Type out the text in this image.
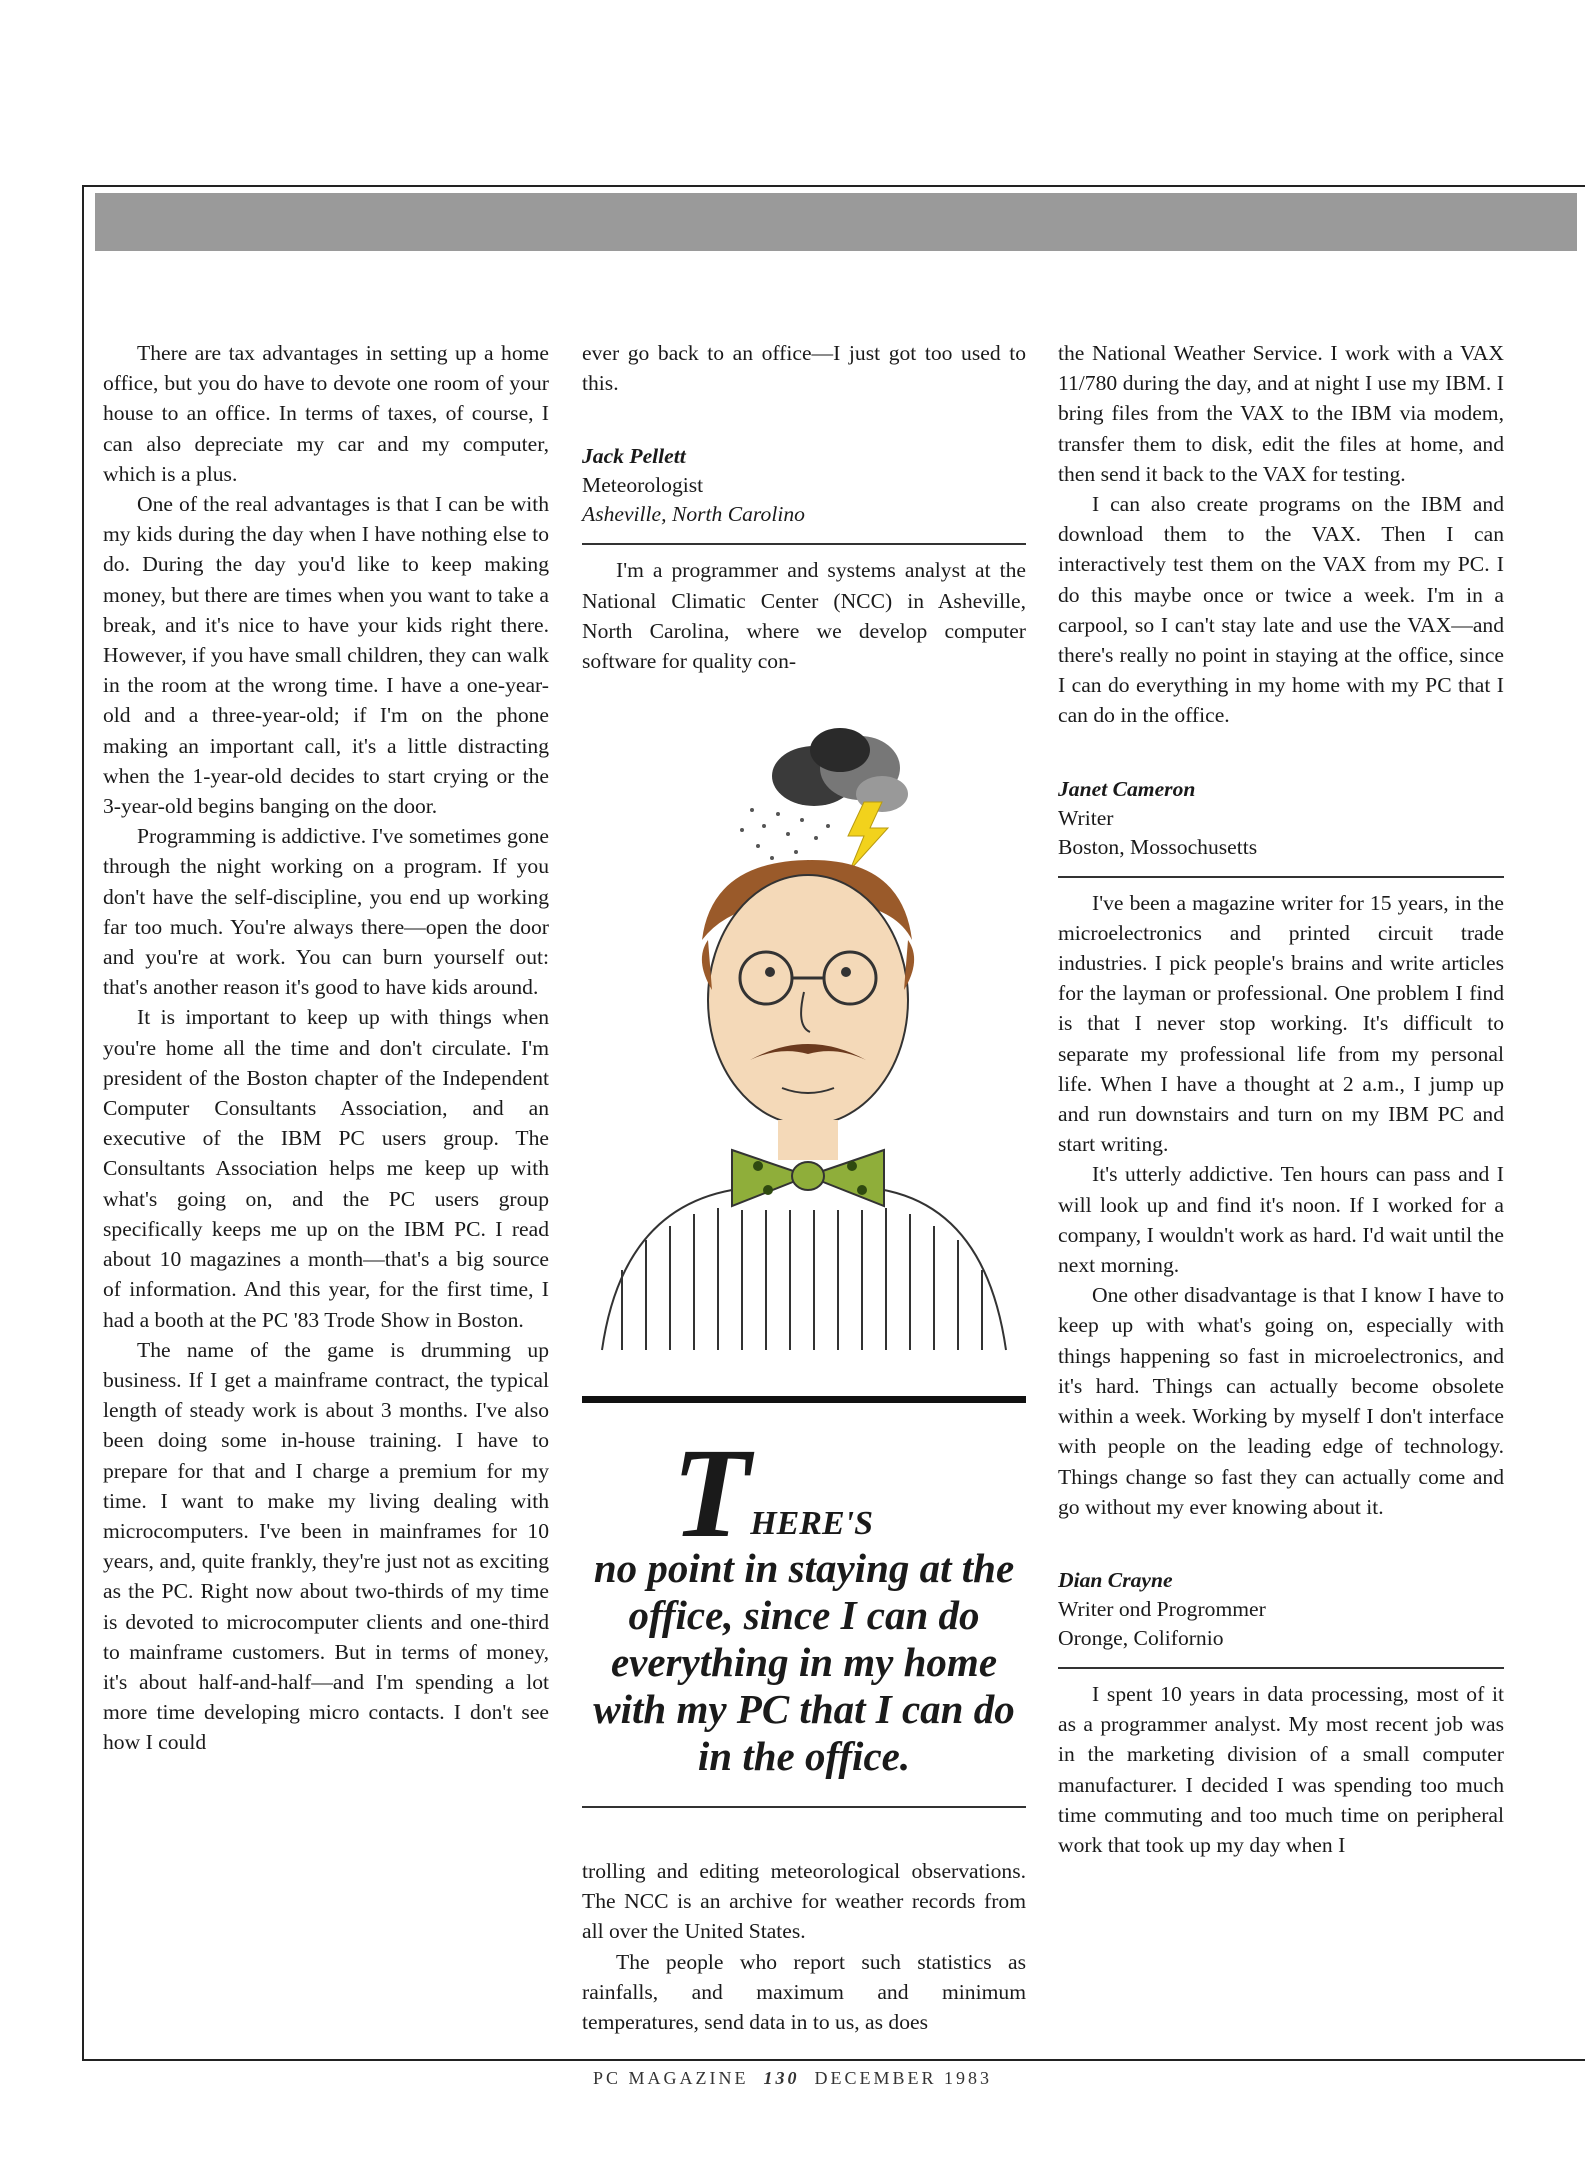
There are tax advantages in setting up a home office, but you do have to devote one room of your house to an office. In terms of taxes, of course, I can also depreciate my car and my computer, which is a plus.

One of the real advantages is that I can be with my kids during the day when I have nothing else to do. During the day you'd like to keep making money, but there are times when you want to take a break, and it's nice to have your kids right there. However, if you have small children, they can walk in the room at the wrong time. I have a one-year-old and a three-year-old; if I'm on the phone making an important call, it's a little distracting when the 1-year-old decides to start crying or the 3-year-old begins banging on the door.

Programming is addictive. I've sometimes gone through the night working on a program. If you don't have the self-discipline, you end up working far too much. You're always there—open the door and you're at work. You can burn yourself out: that's another reason it's good to have kids around.

It is important to keep up with things when you're home all the time and don't circulate. I'm president of the Boston chapter of the Independent Computer Consultants Association, and an executive of the IBM PC users group. The Consultants Association helps me keep up with what's going on, and the PC users group specifically keeps me up on the IBM PC. I read about 10 magazines a month—that's a big source of information. And this year, for the first time, I had a booth at the PC '83 Trode Show in Boston.

The name of the game is drumming up business. If I get a mainframe contract, the typical length of steady work is about 3 months. I've also been doing some in-house training. I have to prepare for that and I charge a premium for my time. I want to make my living dealing with microcomputers. I've been in mainframes for 10 years, and, quite frankly, they're just not as exciting as the PC. Right now about two-thirds of my time is devoted to microcomputer clients and one-third to mainframe customers. But in terms of money, it's about half-and-half—and I'm spending a lot more time developing micro contacts. I don't see how I could

ever go back to an office—I just got too used to this.

Jack Pellett
Meteorologist
Asheville, North Carolino

I'm a programmer and systems analyst at the National Climatic Center (NCC) in Asheville, North Carolina, where we develop computer software for quality con-

THERE'S
no point in staying at the office, since I can do everything in my home with my PC that I can do in the office.

trolling and editing meteorological observations. The NCC is an archive for weather records from all over the United States.

The people who report such statistics as rainfalls, and maximum and minimum temperatures, send data in to us, as does

the National Weather Service. I work with a VAX 11/780 during the day, and at night I use my IBM. I bring files from the VAX to the IBM via modem, transfer them to disk, edit the files at home, and then send it back to the VAX for testing.

I can also create programs on the IBM and download them to the VAX. Then I can interactively test them on the VAX from my PC. I do this maybe once or twice a week. I'm in a carpool, so I can't stay late and use the VAX—and there's really no point in staying at the office, since I can do everything in my home with my PC that I can do in the office.

Janet Cameron
Writer
Boston, Mossochusetts

I've been a magazine writer for 15 years, in the microelectronics and printed circuit trade industries. I pick people's brains and write articles for the layman or professional. One problem I find is that I never stop working. It's difficult to separate my professional life from my personal life. When I have a thought at 2 a.m., I jump up and run downstairs and turn on my IBM PC and start writing.

It's utterly addictive. Ten hours can pass and I will look up and find it's noon. If I worked for a company, I wouldn't work as hard. I'd wait until the next morning.

One other disadvantage is that I know I have to keep up with what's going on, especially with things happening so fast in microelectronics, and it's hard. Things can actually become obsolete within a week. Working by myself I don't interface with people on the leading edge of technology. Things change so fast they can actually come and go without my ever knowing about it.

Dian Crayne
Writer ond Progrommer
Oronge, Colifornio

I spent 10 years in data processing, most of it as a programmer analyst. My most recent job was in the marketing division of a small computer manufacturer. I decided I was spending too much time commuting and too much time on peripheral work that took up my day when I

PC MAGAZINE 130 DECEMBER 1983
